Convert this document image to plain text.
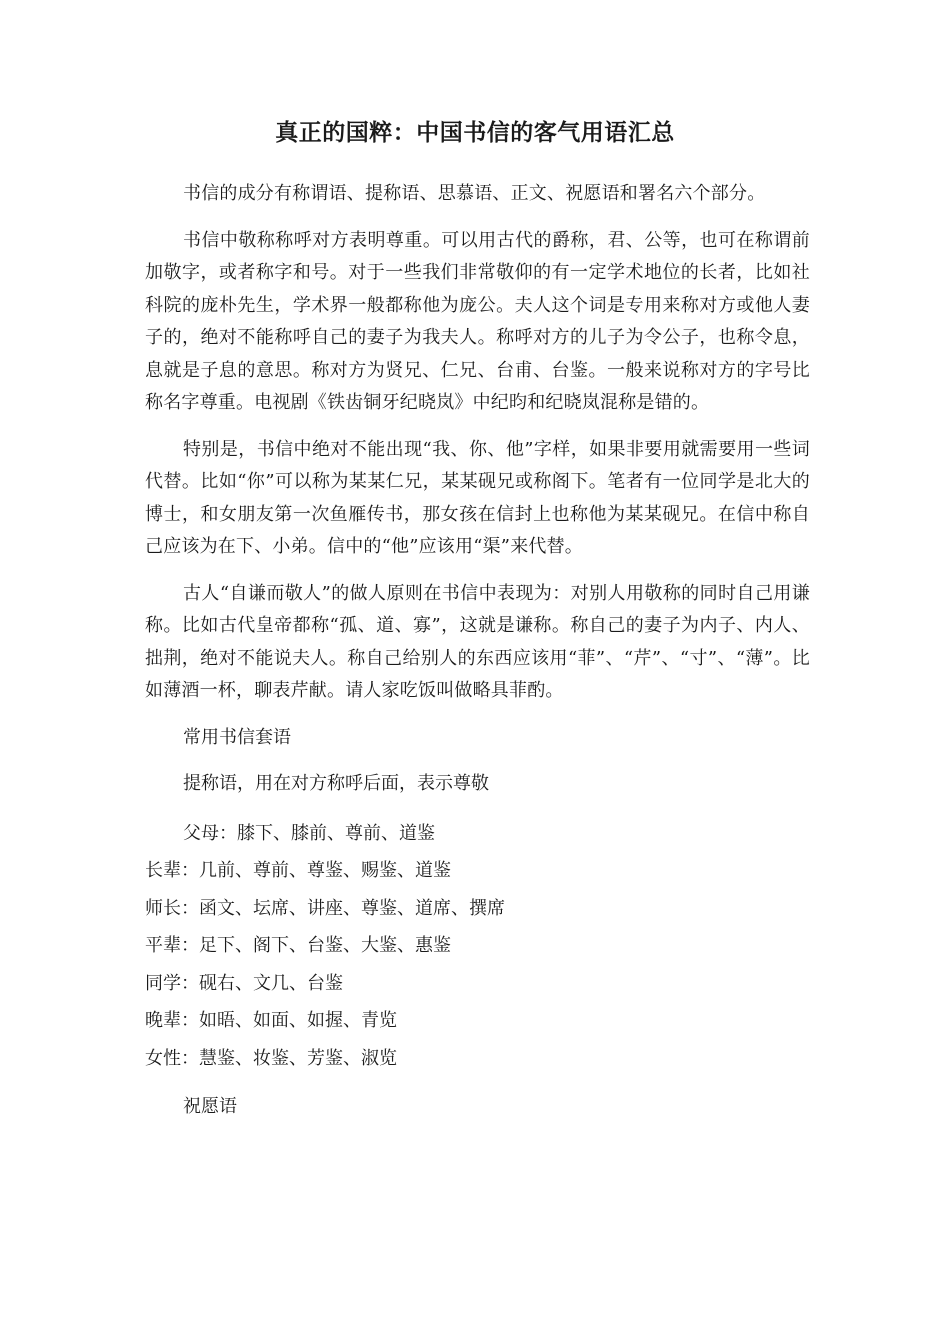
真正的国粹：中国书信的客气用语汇总

书信的成分有称谓语、提称语、思慕语、正文、祝愿语和署名六个部分。

书信中敬称称呼对方表明尊重。可以用古代的爵称，君、公等，也可在称谓前加敬字，或者称字和号。对于一些我们非常敬仰的有一定学术地位的长者，比如社科院的庞朴先生，学术界一般都称他为庞公。夫人这个词是专用来称对方或他人妻子的，绝对不能称呼自己的妻子为我夫人。称呼对方的儿子为令公子，也称令息，息就是子息的意思。称对方为贤兄、仁兄、台甫、台鉴。一般来说称对方的字号比称名字尊重。电视剧《铁齿铜牙纪晓岚》中纪昀和纪晓岚混称是错的。

特别是，书信中绝对不能出现“我、你、他”字样，如果非要用就需要用一些词代替。比如“你”可以称为某某仁兄，某某砚兄或称阁下。笔者有一位同学是北大的博士，和女朋友第一次鱼雁传书，那女孩在信封上也称他为某某砚兄。在信中称自己应该为在下、小弟。信中的“他”应该用“渠”来代替。

古人“自谦而敬人”的做人原则在书信中表现为：对别人用敬称的同时自己用谦称。比如古代皇帝都称“孤、道、寡”，这就是谦称。称自己的妻子为内子、内人、拙荆，绝对不能说夫人。称自己给别人的东西应该用“菲”、“芹”、“寸”、“薄”。比如薄酒一杯，聊表芹献。请人家吃饭叫做略具菲酌。

常用书信套语

提称语，用在对方称呼后面，表示尊敬

父母：膝下、膝前、尊前、道鉴
长辈：几前、尊前、尊鉴、赐鉴、道鉴
师长：函文、坛席、讲座、尊鉴、道席、撰席
平辈：足下、阁下、台鉴、大鉴、惠鉴
同学：砚右、文几、台鉴
晚辈：如晤、如面、如握、青览
女性：慧鉴、妆鉴、芳鉴、淑览

祝愿语
